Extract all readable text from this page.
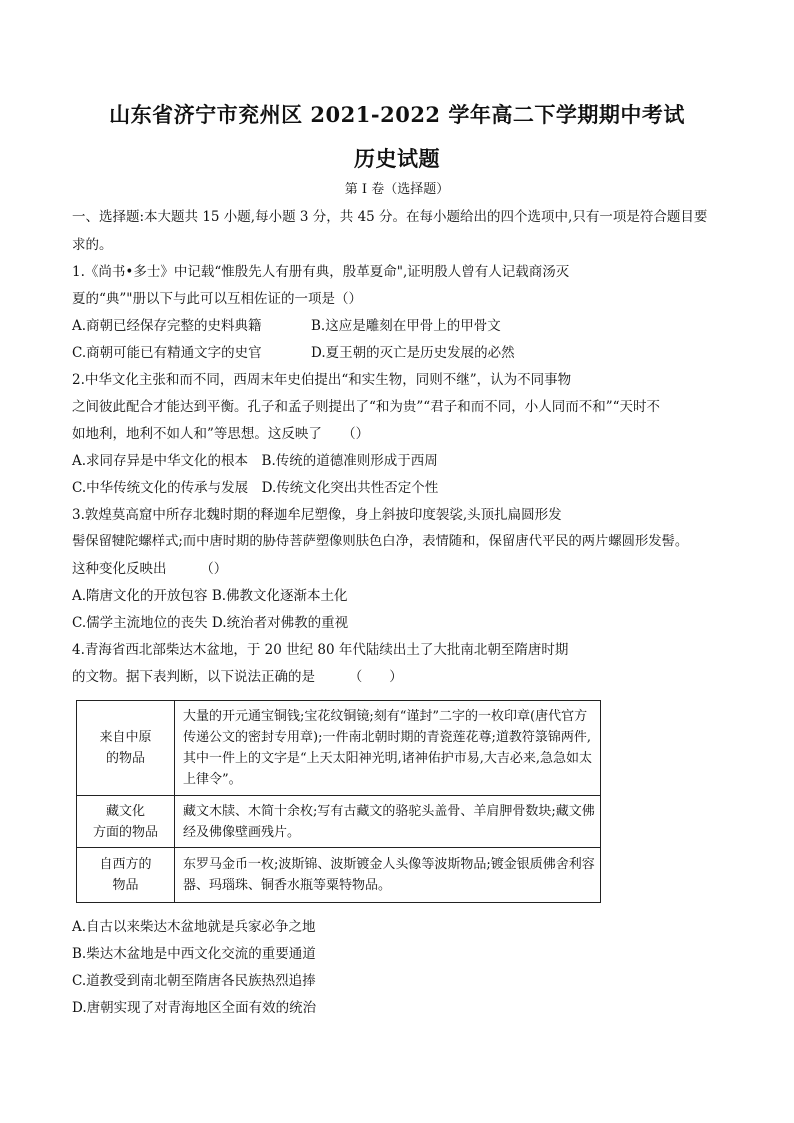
山东省济宁市兖州区 2021-2022 学年高二下学期期中考试
历史试题
第 I 卷（选择题）
一、选择题:本大题共 15 小题,每小题 3 分，共 45 分。在每小题给出的四个选项中,只有一项是符合题目要
求的。
1.《尚书•多士》中记载“惟殷先人有册有典，殷革夏命",证明殷人曾有人记载商汤灭
夏的“典”"册以下与此可以互相佐证的一项是（）
A.商朝已经保存完整的史料典籍	B.这应是雕刻在甲骨上的甲骨文
C.商朝可能已有精通文字的史官	D.夏王朝的灭亡是历史发展的必然
2.中华文化主张和而不同，西周末年史伯提出“和实生物，同则不继”，认为不同事物
之间彼此配合才能达到平衡。孔子和孟子则提出了“和为贵”“君子和而不同，小人同而不和”“天时不
如地利，地利不如人和”等思想。这反映了　　（）
A.求同存异是中华文化的根本　B.传统的道德准则形成于西周
C.中华传统文化的传承与发展　D.传统文化突出共性否定个性
3.敦煌莫高窟中所存北魏时期的释迦牟尼塑像，身上斜披印度袈裟,头顶扎扁圆形发
髻保留犍陀螺样式;而中唐时期的胁侍菩萨塑像则肤色白净，表情随和，保留唐代平民的两片螺圆形发髻。
这种变化反映出　　　（）
A.隋唐文化的开放包容 B.佛教文化逐渐本土化
C.儒学主流地位的丧失 D.统治者对佛教的重视
4.青海省西北部柴达木盆地，于 20 世纪 80 年代陆续出土了大批南北朝至隋唐时期
的文物。据下表判断，以下说法正确的是　　　（　　）
来自中原
的物品	大量的开元通宝铜钱;宝花纹铜镜;刻有“谨封”二字的一枚印章(唐代官方传递公文的密封专用章);一件南北朝时期的青瓷莲花尊;道教符箓锦两件,其中一件上的文字是“上天太阳神光明,诸神佑护市易,大吉必来,急急如太上律令”。

藏文化
方面的物品	藏文木牍、木简十余枚;写有古藏文的骆驼头盖骨、羊肩胛骨数块;藏文佛经及佛像壁画残片。

自西方的
物品	东罗马金币一枚;波斯锦、波斯镀金人头像等波斯物品;镀金银质佛舍利容器、玛瑙珠、铜香水瓶等粟特物品。
A.自古以来柴达木盆地就是兵家必争之地
B.柴达木盆地是中西文化交流的重要通道
C.道教受到南北朝至隋唐各民族热烈追捧
D.唐朝实现了对青海地区全面有效的统治
